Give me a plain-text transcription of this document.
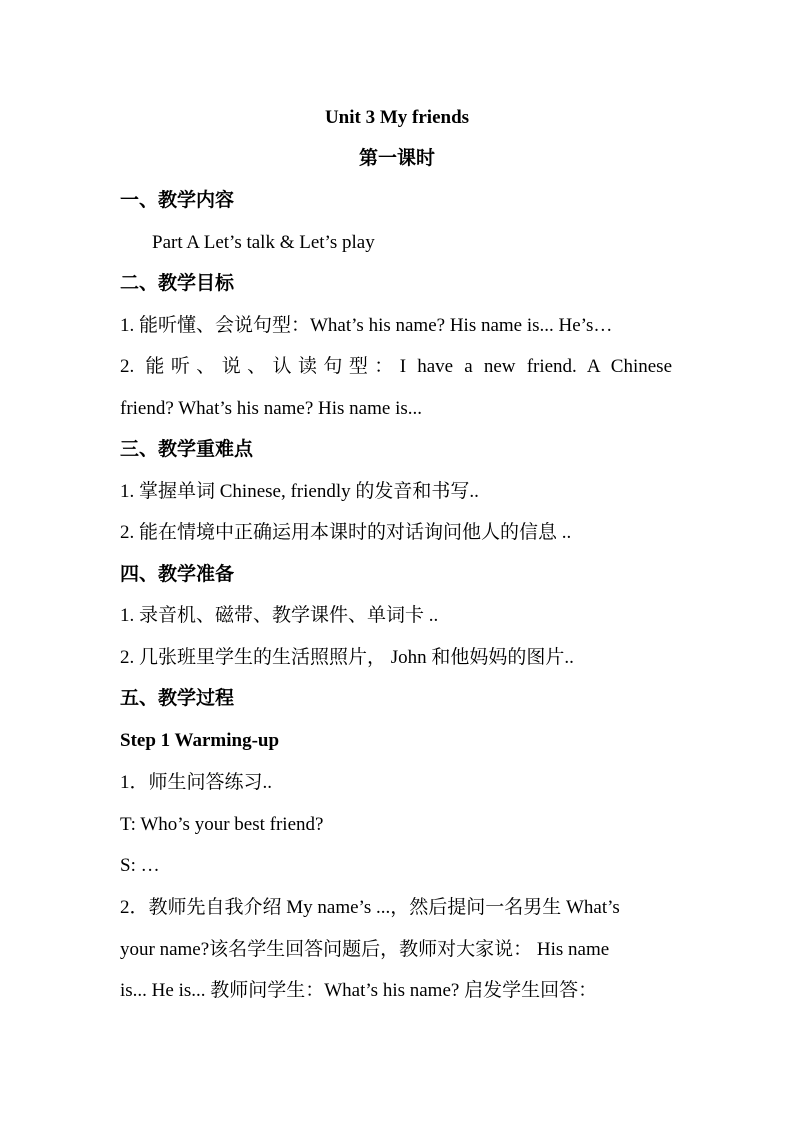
Unit 3 My friends
第一课时
一、教学内容
Part A Let’s talk & Let’s play
二、教学目标
1. 能听懂、会说句型：What’s his name? His name is... He’s…
2. 能听、说、认读句型：I have a new friend. A Chinese
friend? What’s his name? His name is...
三、教学重难点
1. 掌握单词 Chinese, friendly 的发音和书写..
2. 能在情境中正确运用本课时的对话询问他人的信息 ..
四、教学准备
1. 录音机、磁带、教学课件、单词卡 ..
2. 几张班里学生的生活照照片， John 和他妈妈的图片..
五、教学过程
Step 1 Warming-up
1．师生问答练习..
T: Who’s your best friend?
S: …
2．教师先自我介绍 My name’s ...，然后提问一名男生 What’s
your name?该名学生回答问题后，教师对大家说： His name
is... He is... 教师问学生：What’s his name? 启发学生回答：
